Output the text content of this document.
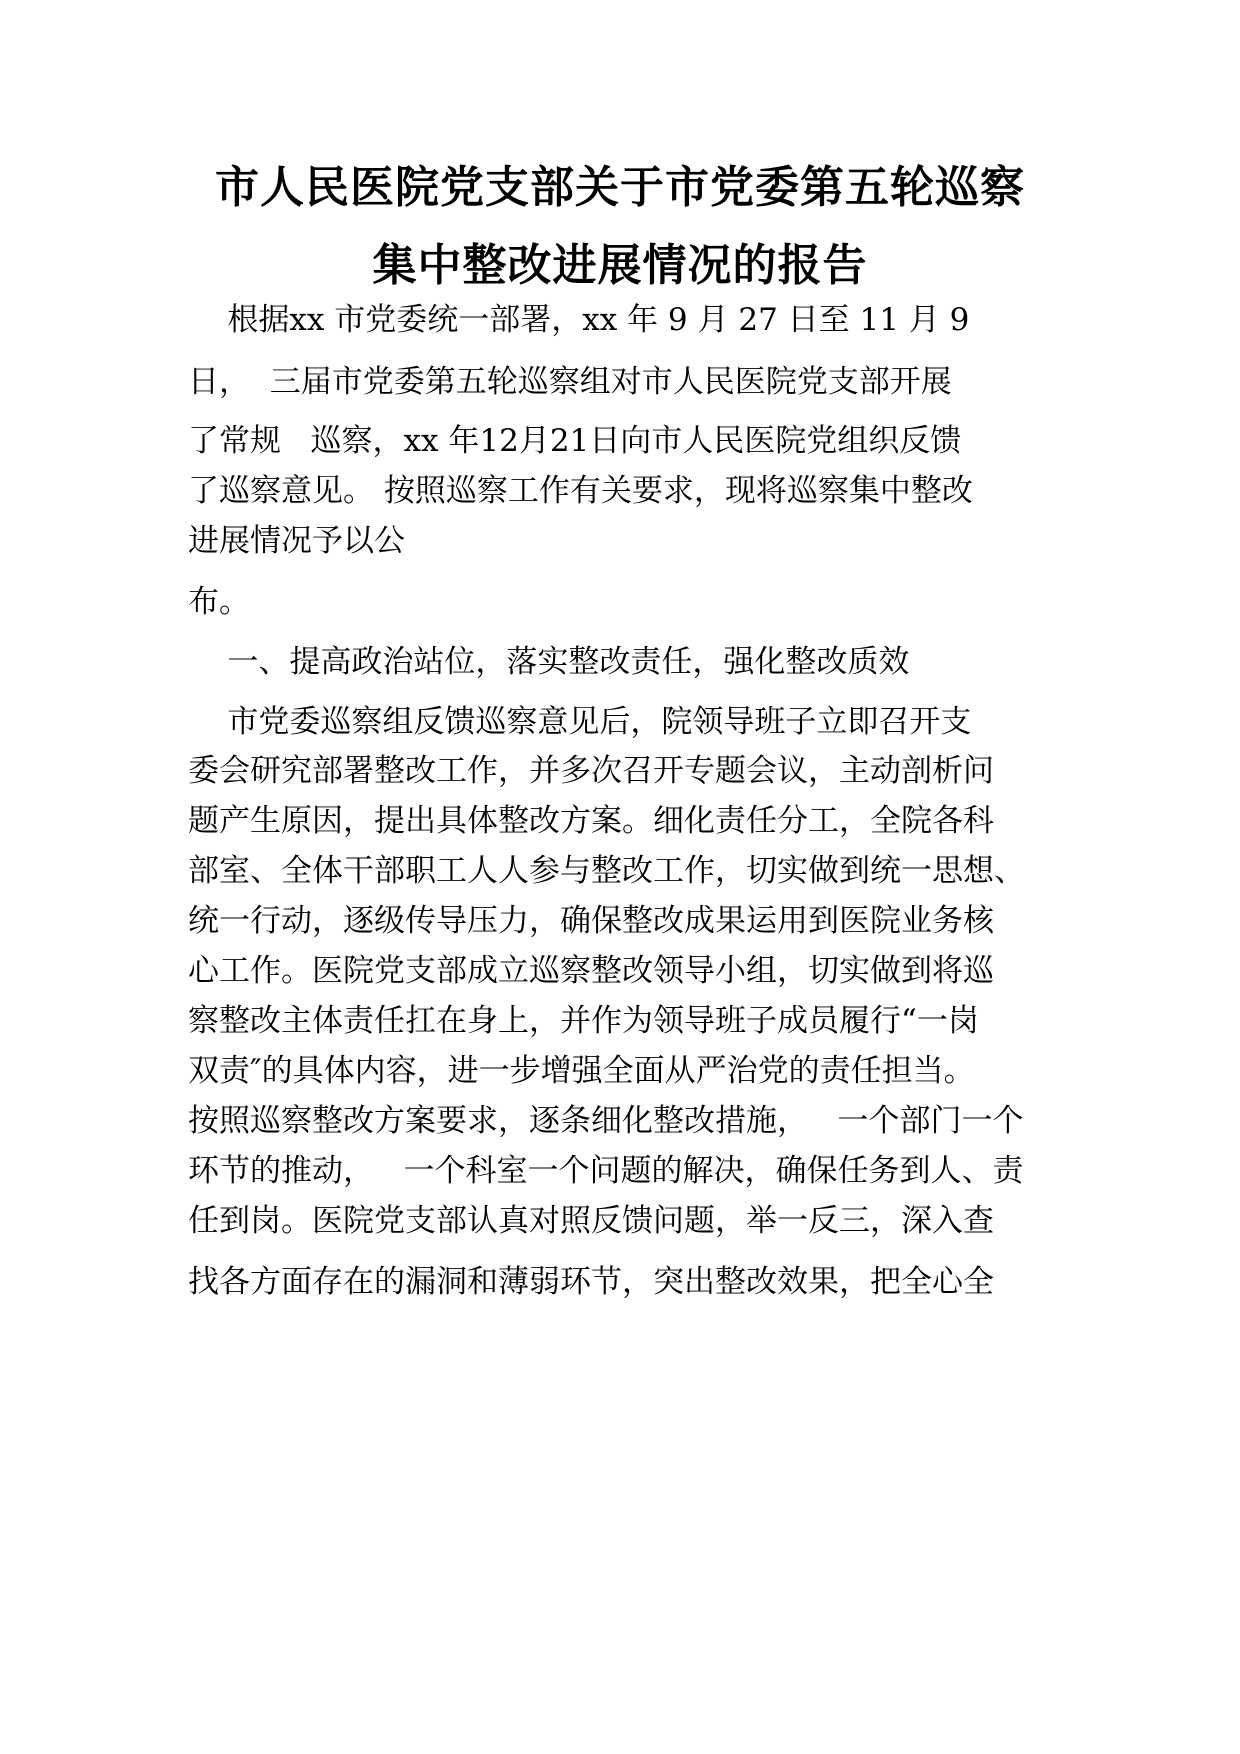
市人民医院党支部关于市党委第五轮巡察
集中整改进展情况的报告
根据xx 市党委统一部署，xx 年 9 月 27 日至 11 月 9
日，  三届市党委第五轮巡察组对市人民医院党支部开展
了常规   巡察，xx 年12月21日向市人民医院党组织反馈
了巡察意见。 按照巡察工作有关要求，现将巡察集中整改
进展情况予以公
布。
一、提高政治站位，落实整改责任，强化整改质效
市党委巡察组反馈巡察意见后，院领导班子立即召开支
委会研究部署整改工作，并多次召开专题会议，主动剖析问
题产生原因，提出具体整改方案。细化责任分工，全院各科
部室、全体干部职工人人参与整改工作，切实做到统一思想、
统一行动，逐级传导压力，确保整改成果运用到医院业务核
心工作。医院党支部成立巡察整改领导小组，切实做到将巡
察整改主体责任扛在身上，并作为领导班子成员履行“一岗
双责″的具体内容，进一步增强全面从严治党的责任担当。
按照巡察整改方案要求，逐条细化整改措施，   一个部门一个
环节的推动，   一个科室一个问题的解决，确保任务到人、责
任到岗。医院党支部认真对照反馈问题，举一反三，深入查
找各方面存在的漏洞和薄弱环节，突出整改效果，把全心全
